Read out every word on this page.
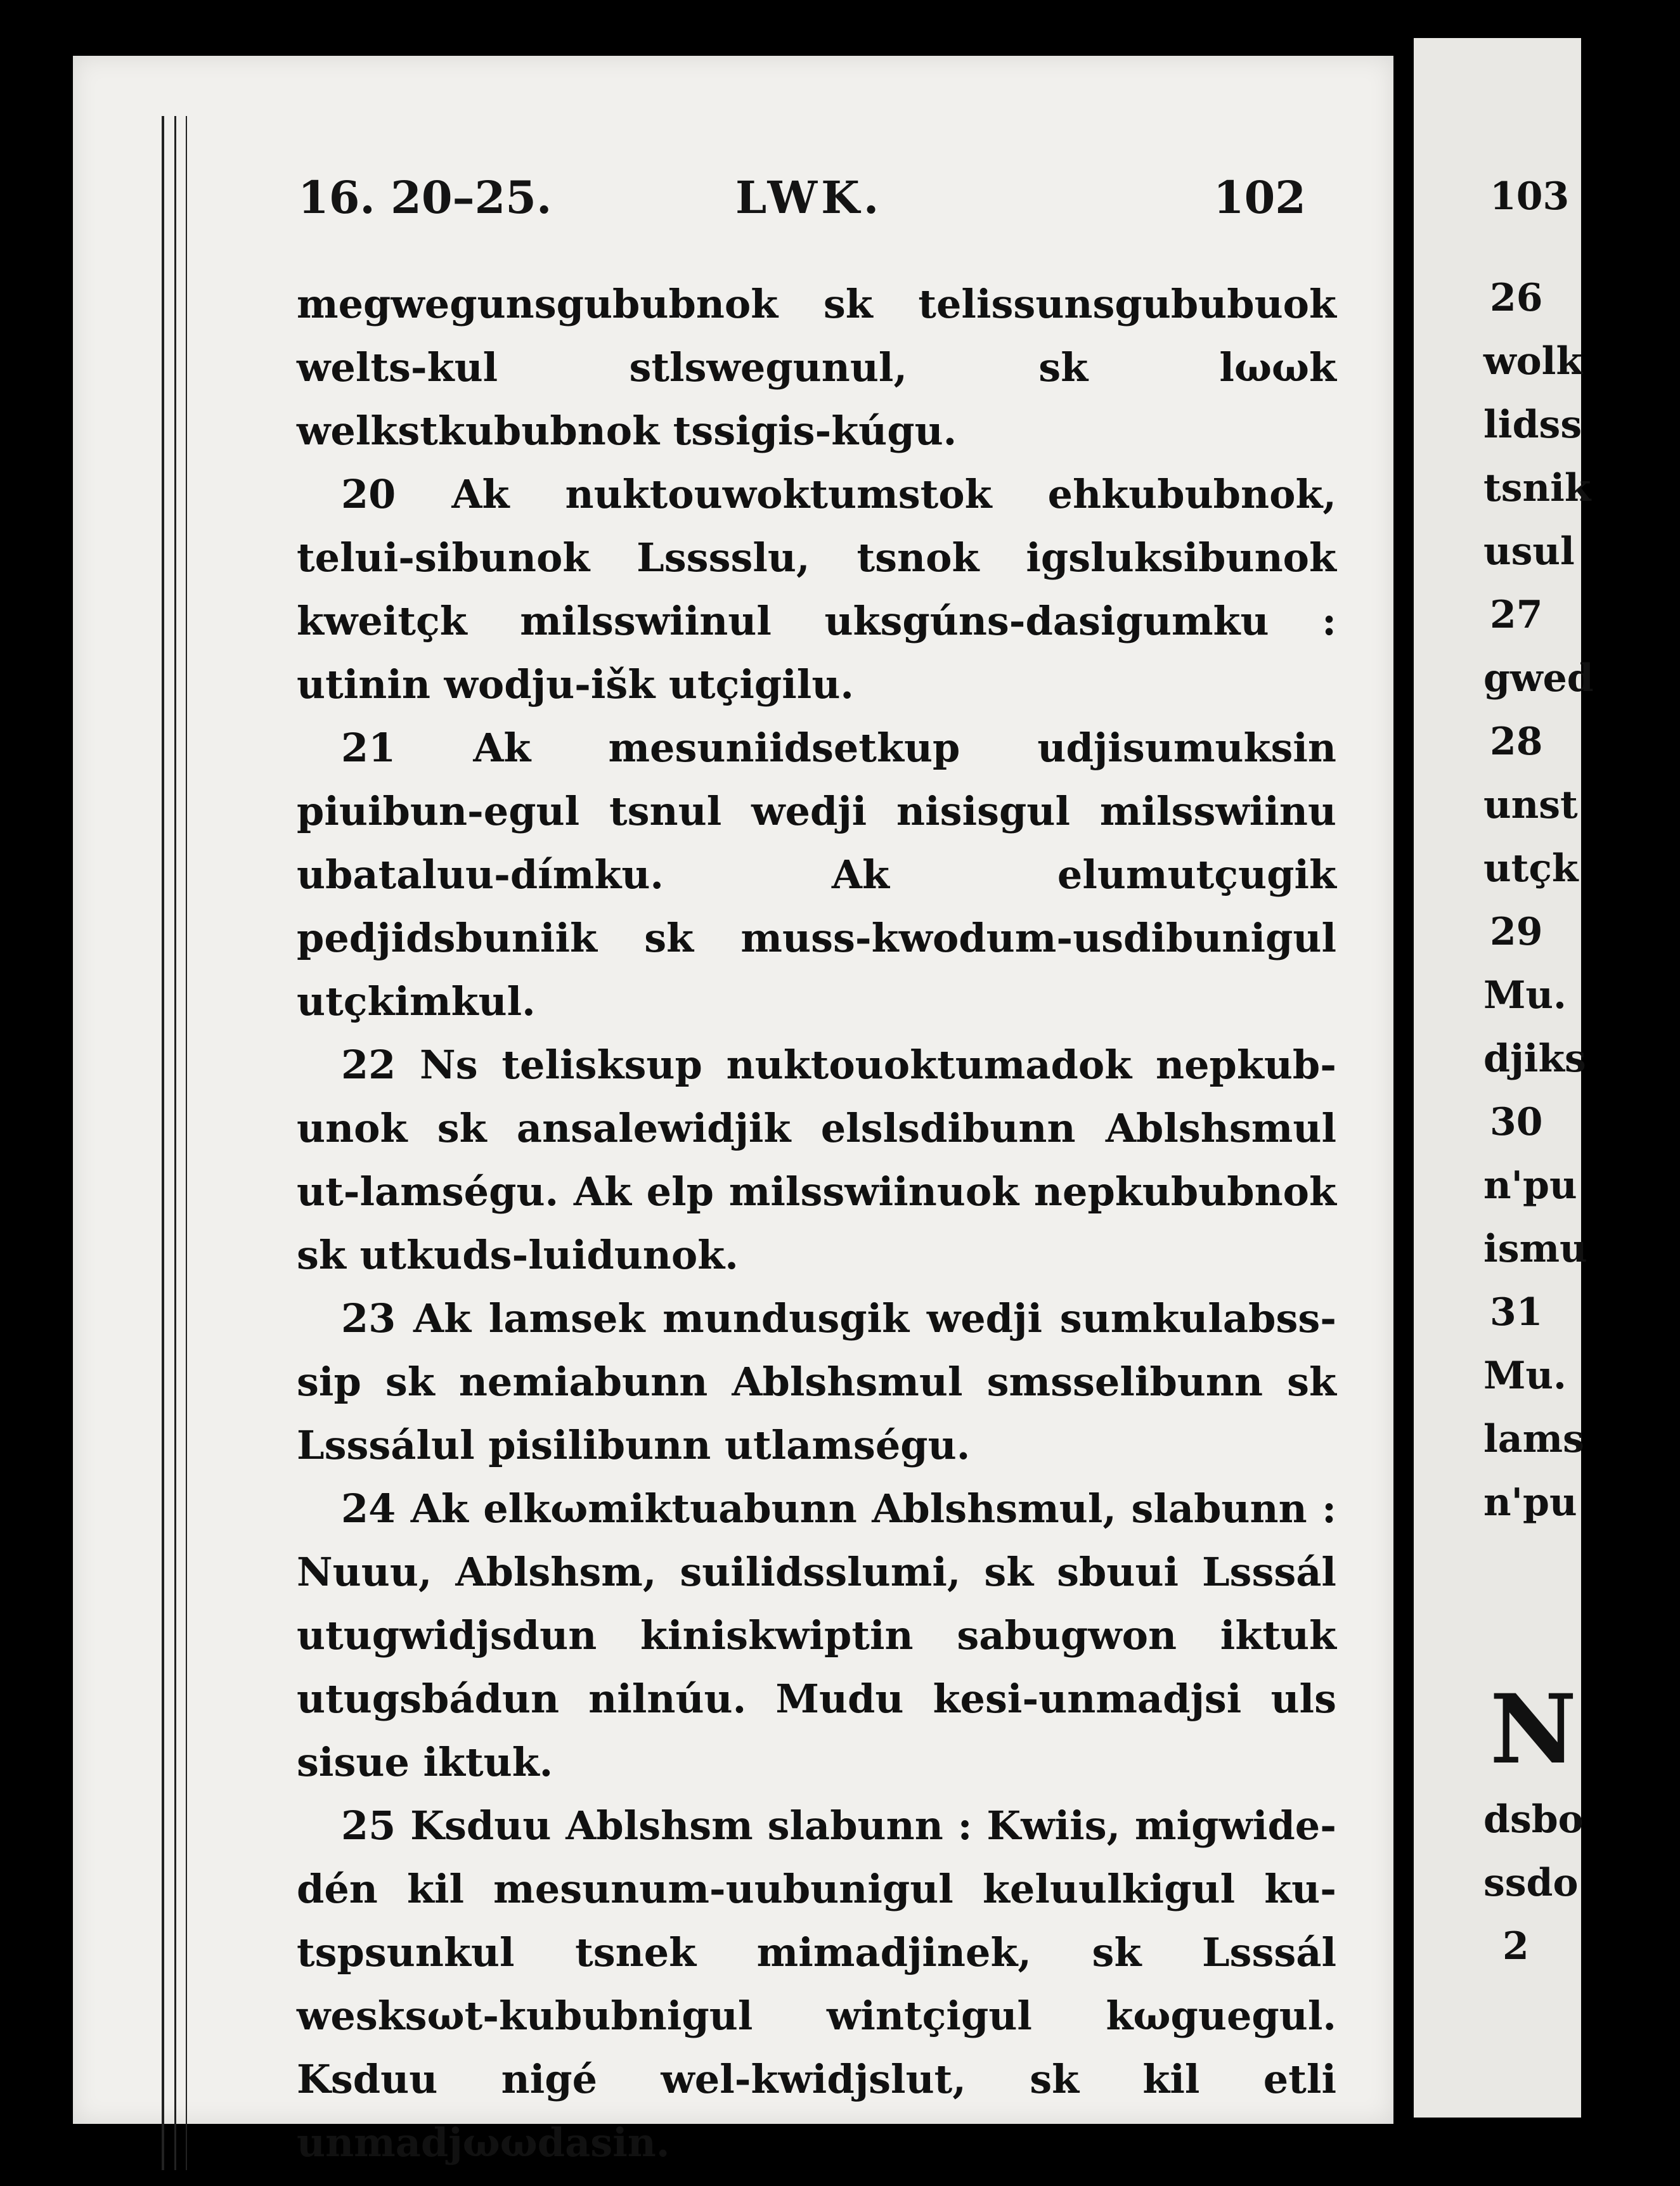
16. 20–25.	LWK.	102

megwegunsgububnok sk telissunsgububuok welts-kul stlswegunul, sk lωωk welkstkububnok tssigis-kúgu.

20 Ak nuktouwoktumstok ehkububnok, telui-sibunok Lsssslu, tsnok igsluksibunok kweitçk milsswiinul uksgúns-dasigumku : utinin wodju-išk utçigilu.

21 Ak mesuniidsetkup udjisumuksin piuibun-egul tsnul wedji nisisgul milsswiinu ubataluu-dímku. Ak elumutçugik pedjidsbuniik sk muss-kwodum-usdibunigul utçkimkul.

22 Ns telisksup nuktouoktumadok nepkub-unok sk ansalewidjik elslsdibunn Ablshsmul ut-lamségu. Ak elp milsswiinuok nepkububnok sk utkuds-luidunok.

23 Ak lamsek mundusgik wedji sumkulabss-sip sk nemiabunn Ablshsmul smsselibunn sk Lsssálul pisilibunn utlamségu.

24 Ak elkωmiktuabunn Ablshsmul, slabunn : Nuuu, Ablshsm, suilidsslumi, sk sbuui Lsssál utugwidjsdun kiniskwiptin sabugwon iktuk utugsbádun nilnúu. Mudu kesi-unmadjsi uls sisue iktuk.

25 Ksduu Ablshsm slabunn : Kwiis, migwide-dén kil mesunum-uubunigul keluulkigul ku-tspsunkul tsnek mimadjinek, sk Lsssál wesksωt-kububnigul wintçigul kωguegul. Ksduu nigé wel-kwidjslut, sk kil etli unmadjωωdasin.

103
26
wolk
lidss
tsnik
usul
27
gwed
28
unst
utçk
29
Mu.
djiks
30
n'pu
ismu
31
Mu.
lams
n'pu
dsbo
ssdo
2
N
